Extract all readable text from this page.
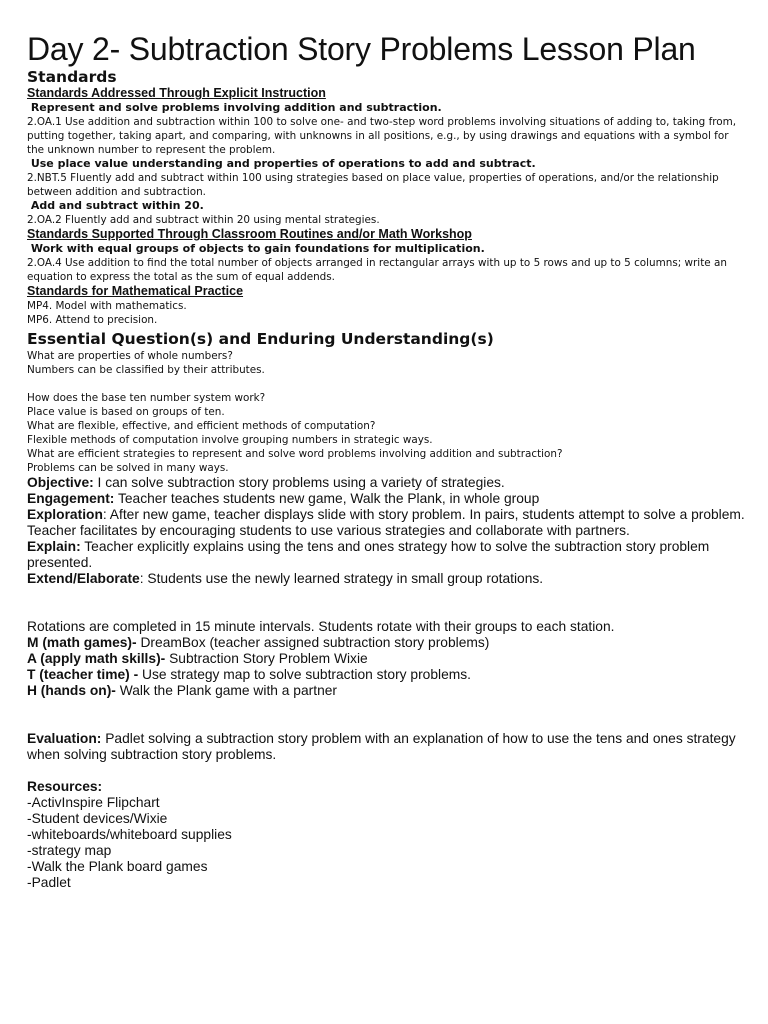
Day 2- Subtraction Story Problems Lesson Plan

Standards

Standards Addressed Through Explicit Instruction

Represent and solve problems involving addition and subtraction.

2.OA.1 Use addition and subtraction within 100 to solve one- and two-step word problems involving situations of adding to, taking from, putting together, taking apart, and comparing, with unknowns in all positions, e.g., by using drawings and equations with a symbol for the unknown number to represent the problem.

Use place value understanding and properties of operations to add and subtract.

2.NBT.5 Fluently add and subtract within 100 using strategies based on place value, properties of operations, and/or the relationship between addition and subtraction.

Add and subtract within 20.

2.OA.2 Fluently add and subtract within 20 using mental strategies.

Standards Supported Through Classroom Routines and/or Math Workshop

Work with equal groups of objects to gain foundations for multiplication.

2.OA.4 Use addition to find the total number of objects arranged in rectangular arrays with up to 5 rows and up to 5 columns; write an equation to express the total as the sum of equal addends.

Standards for Mathematical Practice

MP4. Model with mathematics.

MP6. Attend to precision.

Essential Question(s) and Enduring Understanding(s)

What are properties of whole numbers?

Numbers can be classified by their attributes.

How does the base ten number system work?

Place value is based on groups of ten.

What are flexible, effective, and efficient methods of computation?

Flexible methods of computation involve grouping numbers in strategic ways.

What are efficient strategies to represent and solve word problems involving addition and subtraction?

Problems can be solved in many ways.

Objective: I can solve subtraction story problems using a variety of strategies.

Engagement: Teacher teaches students new game, Walk the Plank, in whole group

Exploration: After new game, teacher displays slide with story problem. In pairs, students attempt to solve a problem. Teacher facilitates by encouraging students to use various strategies and collaborate with partners.

Explain: Teacher explicitly explains using the tens and ones strategy how to solve the subtraction story problem presented.

Extend/Elaborate: Students use the newly learned strategy in small group rotations.

Rotations are completed in 15 minute intervals. Students rotate with their groups to each station.

M (math games)- DreamBox (teacher assigned subtraction story problems)

A (apply math skills)- Subtraction Story Problem Wixie

T (teacher time) - Use strategy map to solve subtraction story problems.

H (hands on)- Walk the Plank game with a partner

Evaluation: Padlet solving a subtraction story problem with an explanation of how to use the tens and ones strategy when solving subtraction story problems.

Resources:

-ActivInspire Flipchart

-Student devices/Wixie

-whiteboards/whiteboard supplies

-strategy map

-Walk the Plank board games

-Padlet
